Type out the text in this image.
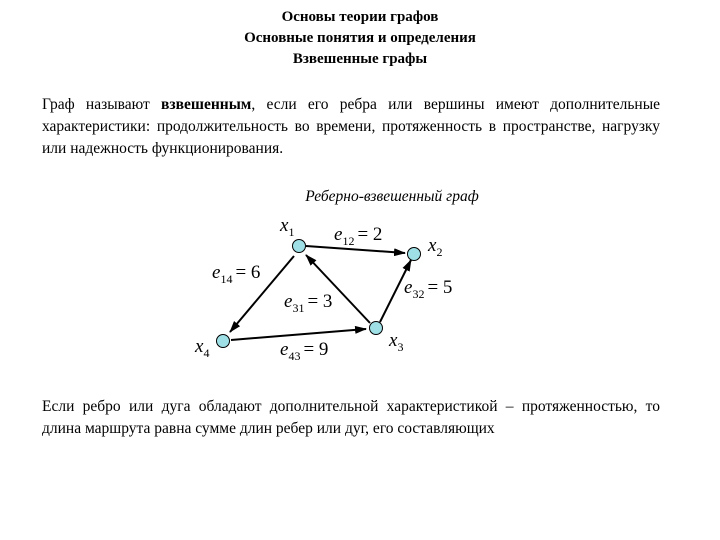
Основы теории графов
Основные понятия и определения
Взвешенные графы
Граф называют взвешенным, если его ребра или вершины имеют дополнительные характеристики: продолжительность во времени, протяженность в пространстве, нагрузку или надежность функционирования.
Реберно-взвешенный граф
$x_1$
$x_2$
$x_3$
$x_4$
$e_{12} = 2$
$e_{14} = 6$
$e_{31} = 3$
$e_{32} = 5$
$e_{43} = 9$
Если ребро или дуга обладают дополнительной характеристикой – протяженностью, то длина маршрута равна сумме длин ребер или дуг, его составляющих
